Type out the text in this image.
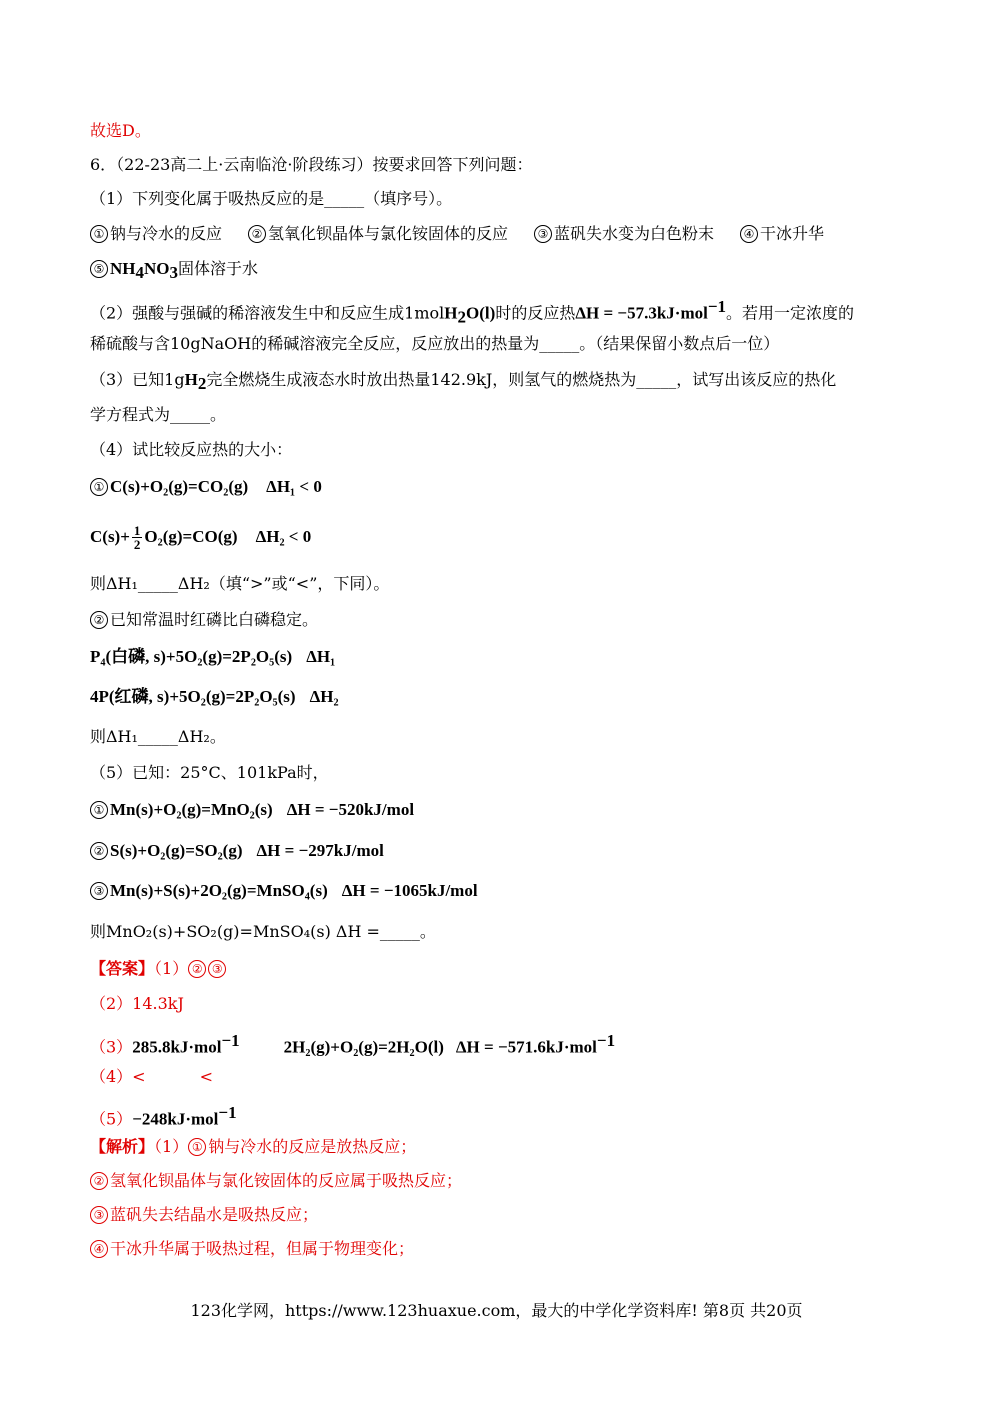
故选D。
6．（22-23高二上·云南临沧·阶段练习）按要求回答下列问题：
（1）下列变化属于吸热反应的是_____（填序号）。
① 钠与冷水的反应 ② 氢氧化钡晶体与氯化铵固体的反应 ③ 蓝矾失水变为白色粉末 ④ 干冰升华
⑤ $NH_4NO_3$固体溶于水
（2）强酸与强碱的稀溶液发生中和反应生成1molH$_2$O(l)时的反应热ΔH = −57.3kJ·mol$^{-1}$。若用一定浓度的
稀硫酸与含10gNaOH的稀碱溶液完全反应，反应放出的热量为_____。（结果保留小数点后一位）
（3）已知$1gH_2$完全燃烧生成液态水时放出热量142.9kJ，则氢气的燃烧热为_____，试写出该反应的热化
学方程式为_____。
（4）试比较反应热的大小：
① C(s)+O₂(g)=CO₂(g) ΔH₁ < 0
$C(s)+ \frac{1}{2} O_2(g)=CO(g) \Delta H_2 < 0$
则ΔH₁_____ΔH₂（填“>”或“<”，下同）。
② 已知常温时红磷比白磷稳定。
P₄(白磷, s)+5O₂(g)=2P₂O₅(s) ΔH₁
4P(红磷, s)+5O₂(g)=2P₂O₅(s) ΔH₂
则ΔH₁_____ΔH₂。
（5）已知：25°C、101kPa时，
① Mn(s)+O₂(g)=MnO₂(s) ΔH = −520kJ/mol
② S(s)+O₂(g)=SO₂(g) ΔH = −297kJ/mol
③ Mn(s)+S(s)+2O₂(g)=MnSO₄(s) ΔH = −1065kJ/mol
则MnO₂(s)+SO₂(g)=MnSO₄(s) ΔH =_____。
【答案】（1） ② ③
（2）14.3kJ
（3）285.8kJ·mol$^{-1}$	2H₂(g)+O₂(g)=2H₂O(l) ΔH = −571.6kJ·mol$^{-1}$
（4）<	<
（5）−248kJ·mol$^{-1}$
【解析】（1） ① 钠与冷水的反应是放热反应；
② 氢氧化钡晶体与氯化铵固体的反应属于吸热反应；
③ 蓝矾失去结晶水是吸热反应；
④ 干冰升华属于吸热过程，但属于物理变化；
123化学网，https://www.123huaxue.com，最大的中学化学资料库! 第8页 共20页
